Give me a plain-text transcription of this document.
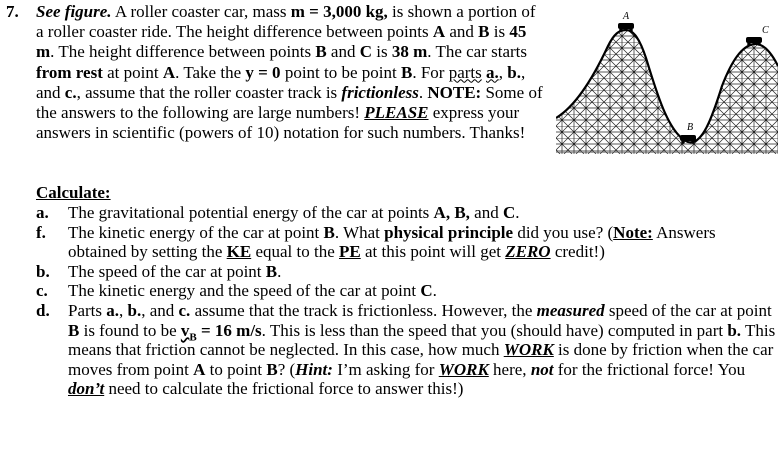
7. See figure. A roller coaster car, mass m = 3,000 kg, is shown a portion of a roller coaster ride. The height difference between points A and B is 45 m. The height difference between points B and C is 38 m. The car starts from rest at point A. Take the y = 0 point to be point B. For parts a., b., and c., assume that the roller coaster track is frictionless. NOTE: Some of the answers to the following are large numbers! PLEASE express your answers in scientific (powers of 10) notation for such numbers. Thanks!
A
B
C
Calculate:
a. The gravitational potential energy of the car at points A, B, and C.
f. The kinetic energy of the car at point B. What physical principle did you use? (Note: Answers obtained by setting the KE equal to the PE at this point will get ZERO credit!)
b. The speed of the car at point B.
c. The kinetic energy and the speed of the car at point C.
d. Parts a., b., and c. assume that the track is frictionless. However, the measured speed of the car at point B is found to be $v_B = 16$ m/s. This is less than the speed that you (should have) computed in part b. This means that friction cannot be neglected. In this case, how much WORK is done by friction when the car moves from point A to point B? (Hint: I’m asking for WORK here, not for the frictional force! You don’t need to calculate the frictional force to answer this!)
